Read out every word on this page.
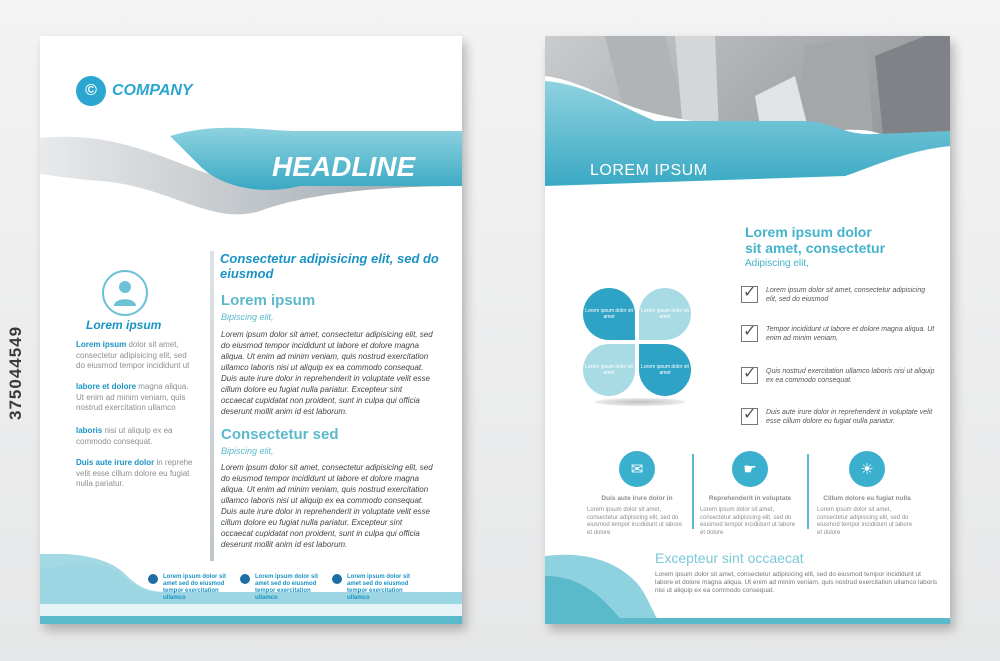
375044549
© COMPANY
HEADLINE
Consectetur adipisicing elit, sed do eiusmod
Lorem ipsum
Bipiscing elit,
Lorem ipsum dolor sit amet, consectetur adipisicing elit, sed do eiusmod tempor incididunt ut labore et dolore magna aliqua. Ut enim ad minim veniam, quis nostrud exercitation ullamco laboris nisi ut aliquip ex ea commodo consequat. Duis aute irure dolor in reprehenderit in voluptate velit esse cillum dolore eu fugiat nulla pariatur. Excepteur sint occaecat cupidatat non proident, sunt in culpa qui officia deserunt mollit anim id est laborum.
Consectetur sed
Bipiscing elit,
Lorem ipsum dolor sit amet, consectetur adipisicing elit, sed do eiusmod tempor incididunt ut labore et dolore magna aliqua. Ut enim ad minim veniam, quis nostrud exercitation ullamco laboris nisi ut aliquip ex ea commodo consequat. Duis aute irure dolor in reprehenderit in voluptate velit esse cillum dolore eu fugiat nulla pariatur. Excepteur sint occaecat cupidatat non proident, sunt in culpa qui officia deserunt mollit anim id est laborum.
Lorem ipsum
Lorem ipsum dolor sit amet, consectetur adipisicing elit, sed do eiusmod tempor incididunt ut
labore et dolore magna aliqua. Ut enim ad minim veniam, quis nostrud exercitation ullamco
laboris nisi ut aliquip ex ea commodo consequat.
Duis aute irure dolor in reprehe velit esse cillum dolore eu fugiat nulla pariatur.
Lorem ipsum dolor sit amet sed do eiusmod tempor exercitation ullamco
Lorem ipsum dolor sit amet sed do eiusmod tempor exercitation ullamco
Lorem ipsum dolor sit amet sed do eiusmod tempor exercitation ullamco
LOREM IPSUM
DOLOR SIT
Lorem ipsum dolor
sit amet, consectetur
Adipiscing elit,
✓
Lorem ipsum dolor sit amet, consectetur adipisicing elit, sed do eiusmod
✓
Tempor incididunt ut labore et dolore magna aliqua. Ut enim ad minim veniam,
✓
Quis nostrud exercitation ullamco laboris nisi ut aliquip ex ea commodo consequat.
✓
Duis aute irure dolor in reprehenderit in voluptate velit esse cillum dolore eu fugiat nulla pariatur.
Lorem ipsum dolor sit amet
Lorem ipsum dolor sit amet
Lorem ipsum dolor sit amet
Lorem ipsum dolor sit amet
✉
Duis aute irure dolor in
Lorem ipsum dolor sit amet, consectetur adipisicing elit, sed do eiusmod tempor incididunt ut labore et dolore
☛
Reprehenderit in voluptate
Lorem ipsum dolor sit amet, consectetur adipisicing elit, sed do eiusmod tempor incididunt ut labore et dolore
☀
Cillum dolore eu fugiat nulla
Lorem ipsum dolor sit amet, consectetur adipisicing elit, sed do eiusmod tempor incididunt ut labore et dolore
Excepteur sint occaecat
Lorem ipsum dolor sit amet, consectetur adipisicing elit, sed do eiusmod tempor incididunt ut labore et dolore magna aliqua. Ut enim ad minim veniam, quis nostrud exercitation ullamco laboris nisi ut aliquip ex ea commodo consequat.
